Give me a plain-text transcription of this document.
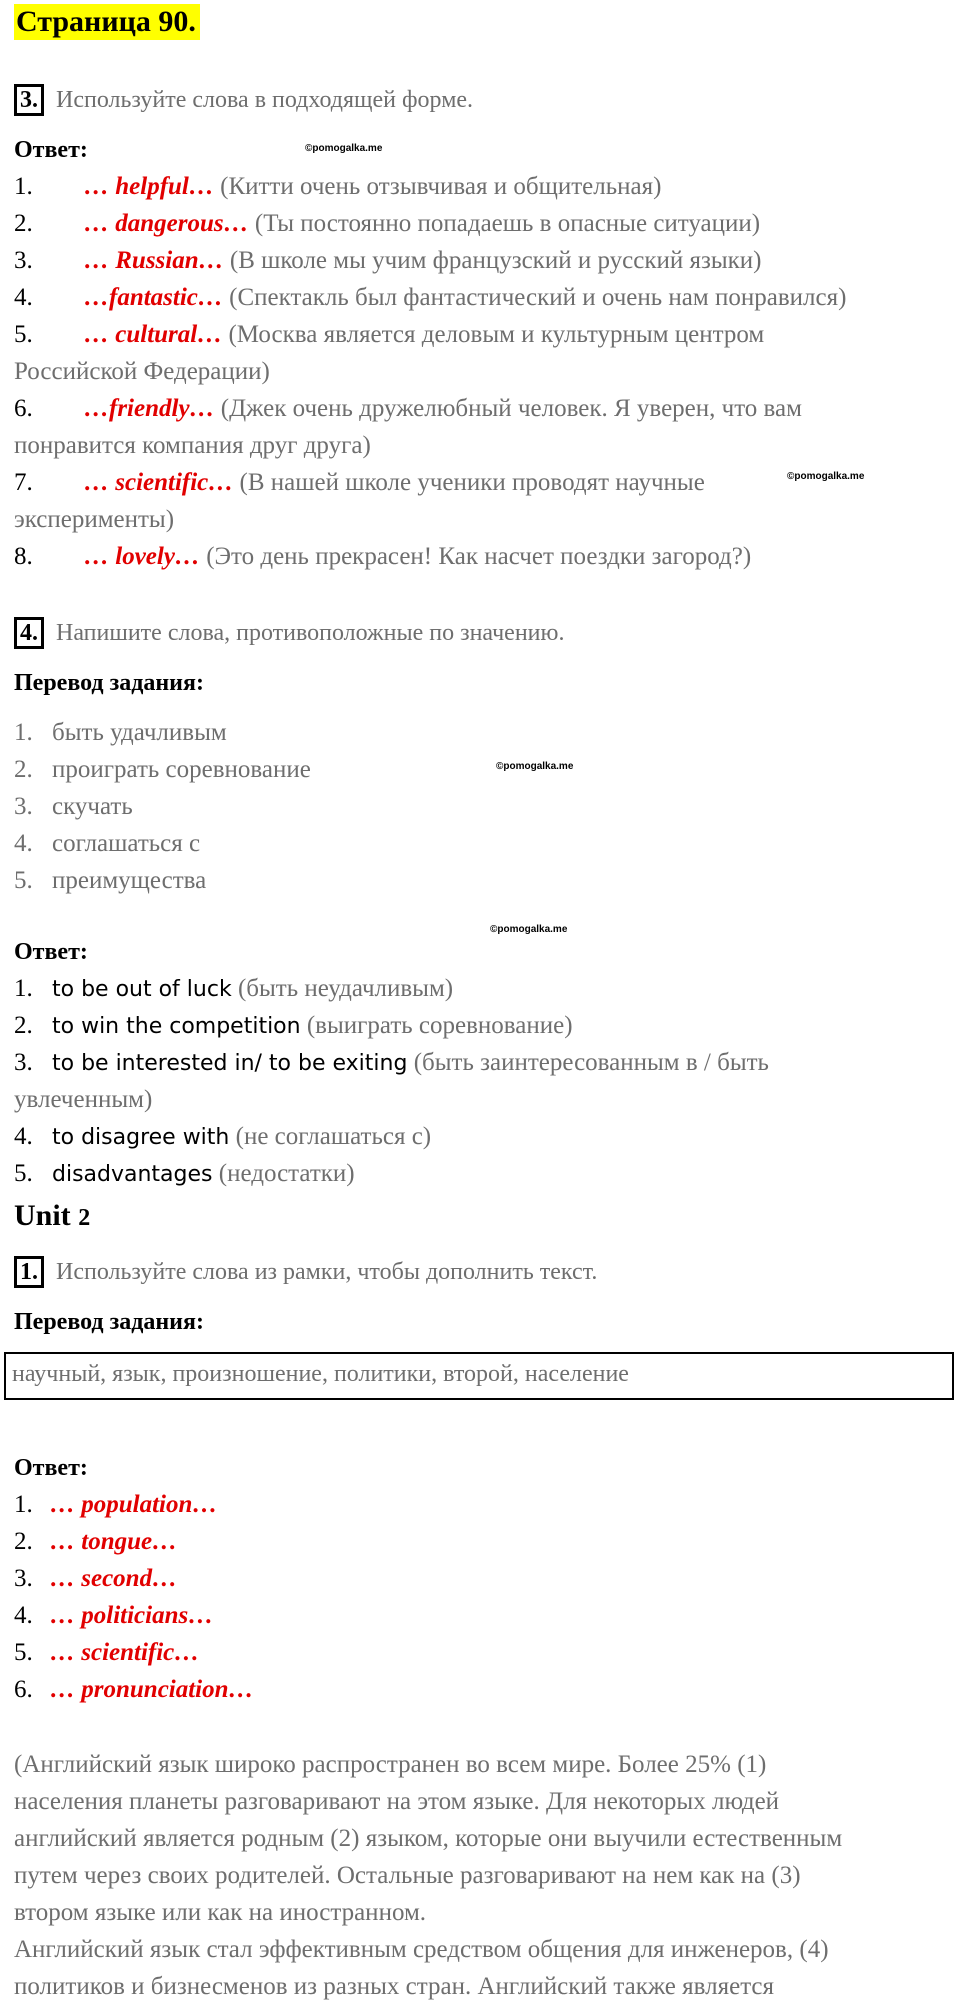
Страница 90.
3. Используйте слова в подходящей форме.
Ответ:	©pomogalka.me
1. … helpful… (Китти очень отзывчивая и общительная)
2. … dangerous… (Ты постоянно попадаешь в опасные ситуации)
3. … Russian… (В школе мы учим французский и русский языки)
4. …fantastic… (Спектакль был фантастический и очень нам понравился)
5. … cultural… (Москва является деловым и культурным центром
Российской Федерации)
6. …friendly… (Джек очень дружелюбный человек. Я уверен, что вам
понравится компания друг друга)
7. … scientific… (В нашей школе ученики проводят научные
эксперименты)
8. … lovely… (Это день прекрасен! Как насчет поездки загород?)
©pomogalka.me
4. Напишите слова, противоположные по значению.
Перевод задания:
1. быть удачливым
2. проиграть соревнование
3. скучать
4. соглашаться с
5. преимущества
©pomogalka.me
©pomogalka.me
Ответ:
1. to be out of luck (быть неудачливым)
2. to win the competition (выиграть соревнование)
3. to be interested in/ to be exiting (быть заинтересованным в / быть
увлеченным)
4. to disagree with (не соглашаться с)
5. disadvantages (недостатки)
Unit 2
1. Используйте слова из рамки, чтобы дополнить текст.
Перевод задания:
научный, язык, произношение, политики, второй, население
Ответ:
1. … population…
2. … tongue…
3. … second…
4. … politicians…
5. … scientific…
6. … pronunciation…
(Английский язык широко распространен во всем мире. Более 25% (1)
населения планеты разговаривают на этом языке. Для некоторых людей
английский является родным (2) языком, которые они выучили естественным
путем через своих родителей. Остальные разговаривают на нем как на (3)
втором языке или как на иностранном.
Английский язык стал эффективным средством общения для инженеров, (4)
политиков и бизнесменов из разных стран. Английский также является
